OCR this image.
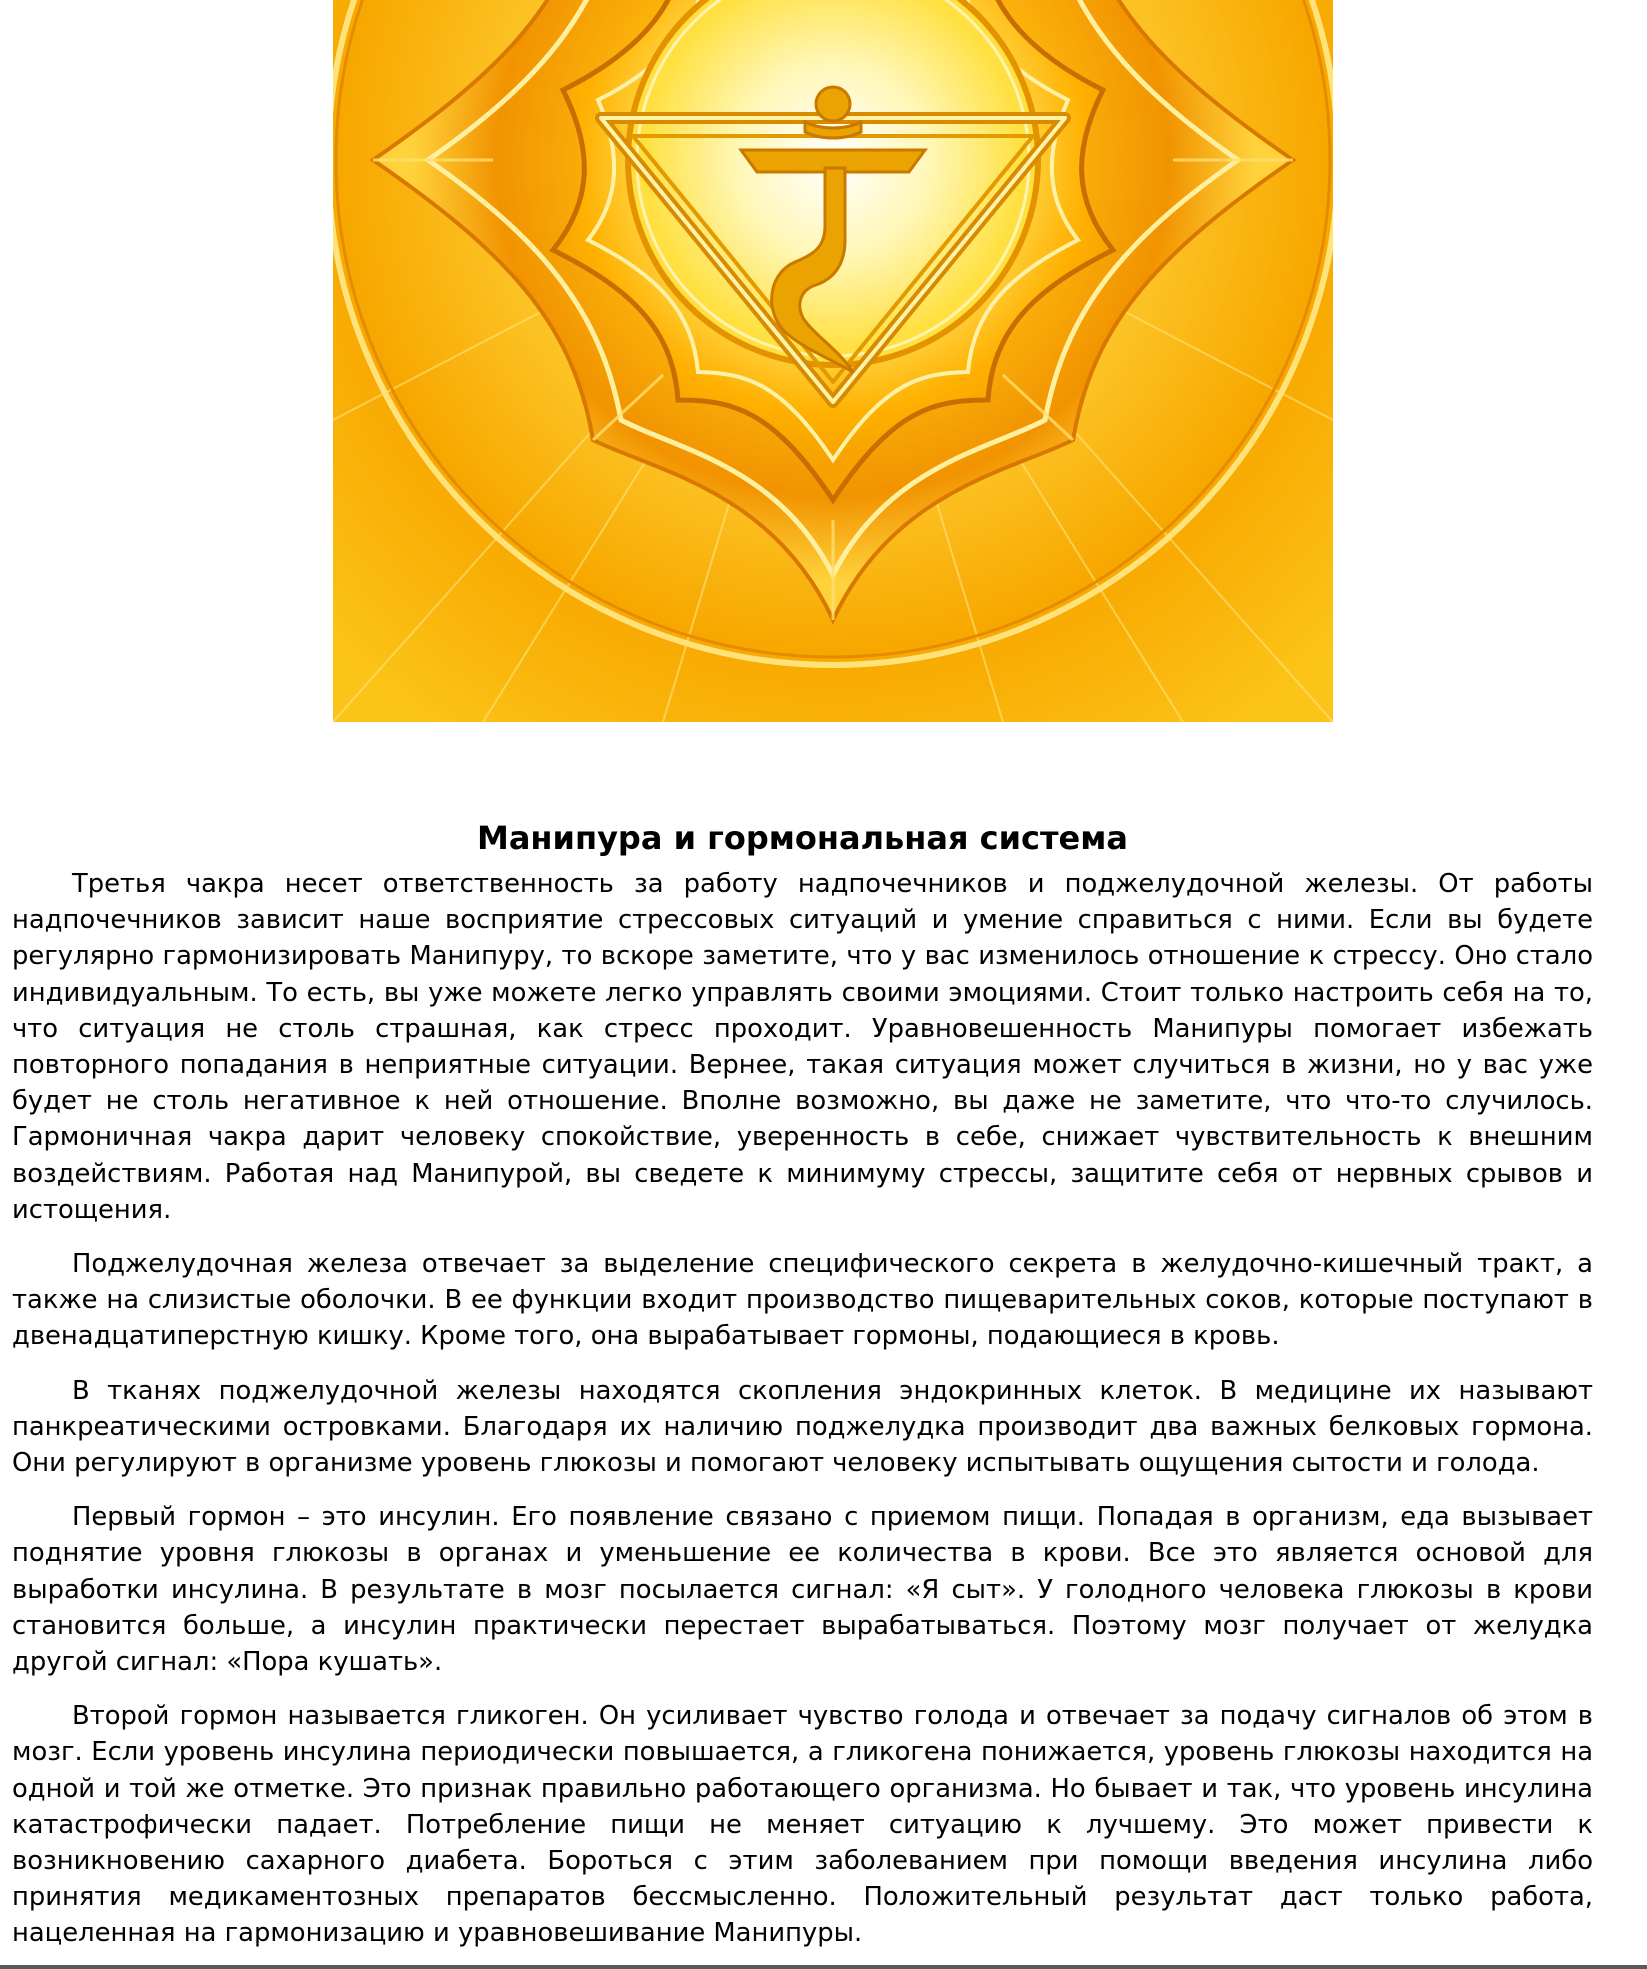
Манипура и гормональная система

Третья чакра несет ответственность за работу надпочечников и поджелудочной железы. От работы надпочечников зависит наше восприятие стрессовых ситуаций и умение справиться с ними. Если вы будете регулярно гармонизировать Манипуру, то вскоре заметите, что у вас изменилось отношение к стрессу. Оно стало индивидуальным. То есть, вы уже можете легко управлять своими эмоциями. Стоит только настроить себя на то, что ситуация не столь страшная, как стресс проходит. Уравновешенность Манипуры помогает избежать повторного попадания в неприятные ситуации. Вернее, такая ситуация может случиться в жизни, но у вас уже будет не столь негативное к ней отношение. Вполне возможно, вы даже не заметите, что что-то случилось. Гармоничная чакра дарит человеку спокойствие, уверенность в себе, снижает чувствительность к внешним воздействиям. Работая над Манипурой, вы сведете к минимуму стрессы, защитите себя от нервных срывов и истощения.

Поджелудочная железа отвечает за выделение специфического секрета в желудочно-кишечный тракт, а также на слизистые оболочки. В ее функции входит производство пищеварительных соков, которые поступают в двенадцатиперстную кишку. Кроме того, она вырабатывает гормоны, подающиеся в кровь.

В тканях поджелудочной железы находятся скопления эндокринных клеток. В медицине их называют панкреатическими островками. Благодаря их наличию поджелудка производит два важных белковых гормона. Они регулируют в организме уровень глюкозы и помогают человеку испытывать ощущения сытости и голода.

Первый гормон – это инсулин. Его появление связано с приемом пищи. Попадая в организм, еда вызывает поднятие уровня глюкозы в органах и уменьшение ее количества в крови. Все это является основой для выработки инсулина. В результате в мозг посылается сигнал: «Я сыт». У голодного человека глюкозы в крови становится больше, а инсулин практически перестает вырабатываться. Поэтому мозг получает от желудка другой сигнал: «Пора кушать».

Второй гормон называется гликоген. Он усиливает чувство голода и отвечает за подачу сигналов об этом в мозг. Если уровень инсулина периодически повышается, а гликогена понижается, уровень глюкозы находится на одной и той же отметке. Это признак правильно работающего организма. Но бывает и так, что уровень инсулина катастрофически падает. Потребление пищи не меняет ситуацию к лучшему. Это может привести к возникновению сахарного диабета. Бороться с этим заболеванием при помощи введения инсулина либо принятия медикаментозных препаратов бессмысленно. Положительный результат даст только работа, нацеленная на гармонизацию и уравновешивание Манипуры.
